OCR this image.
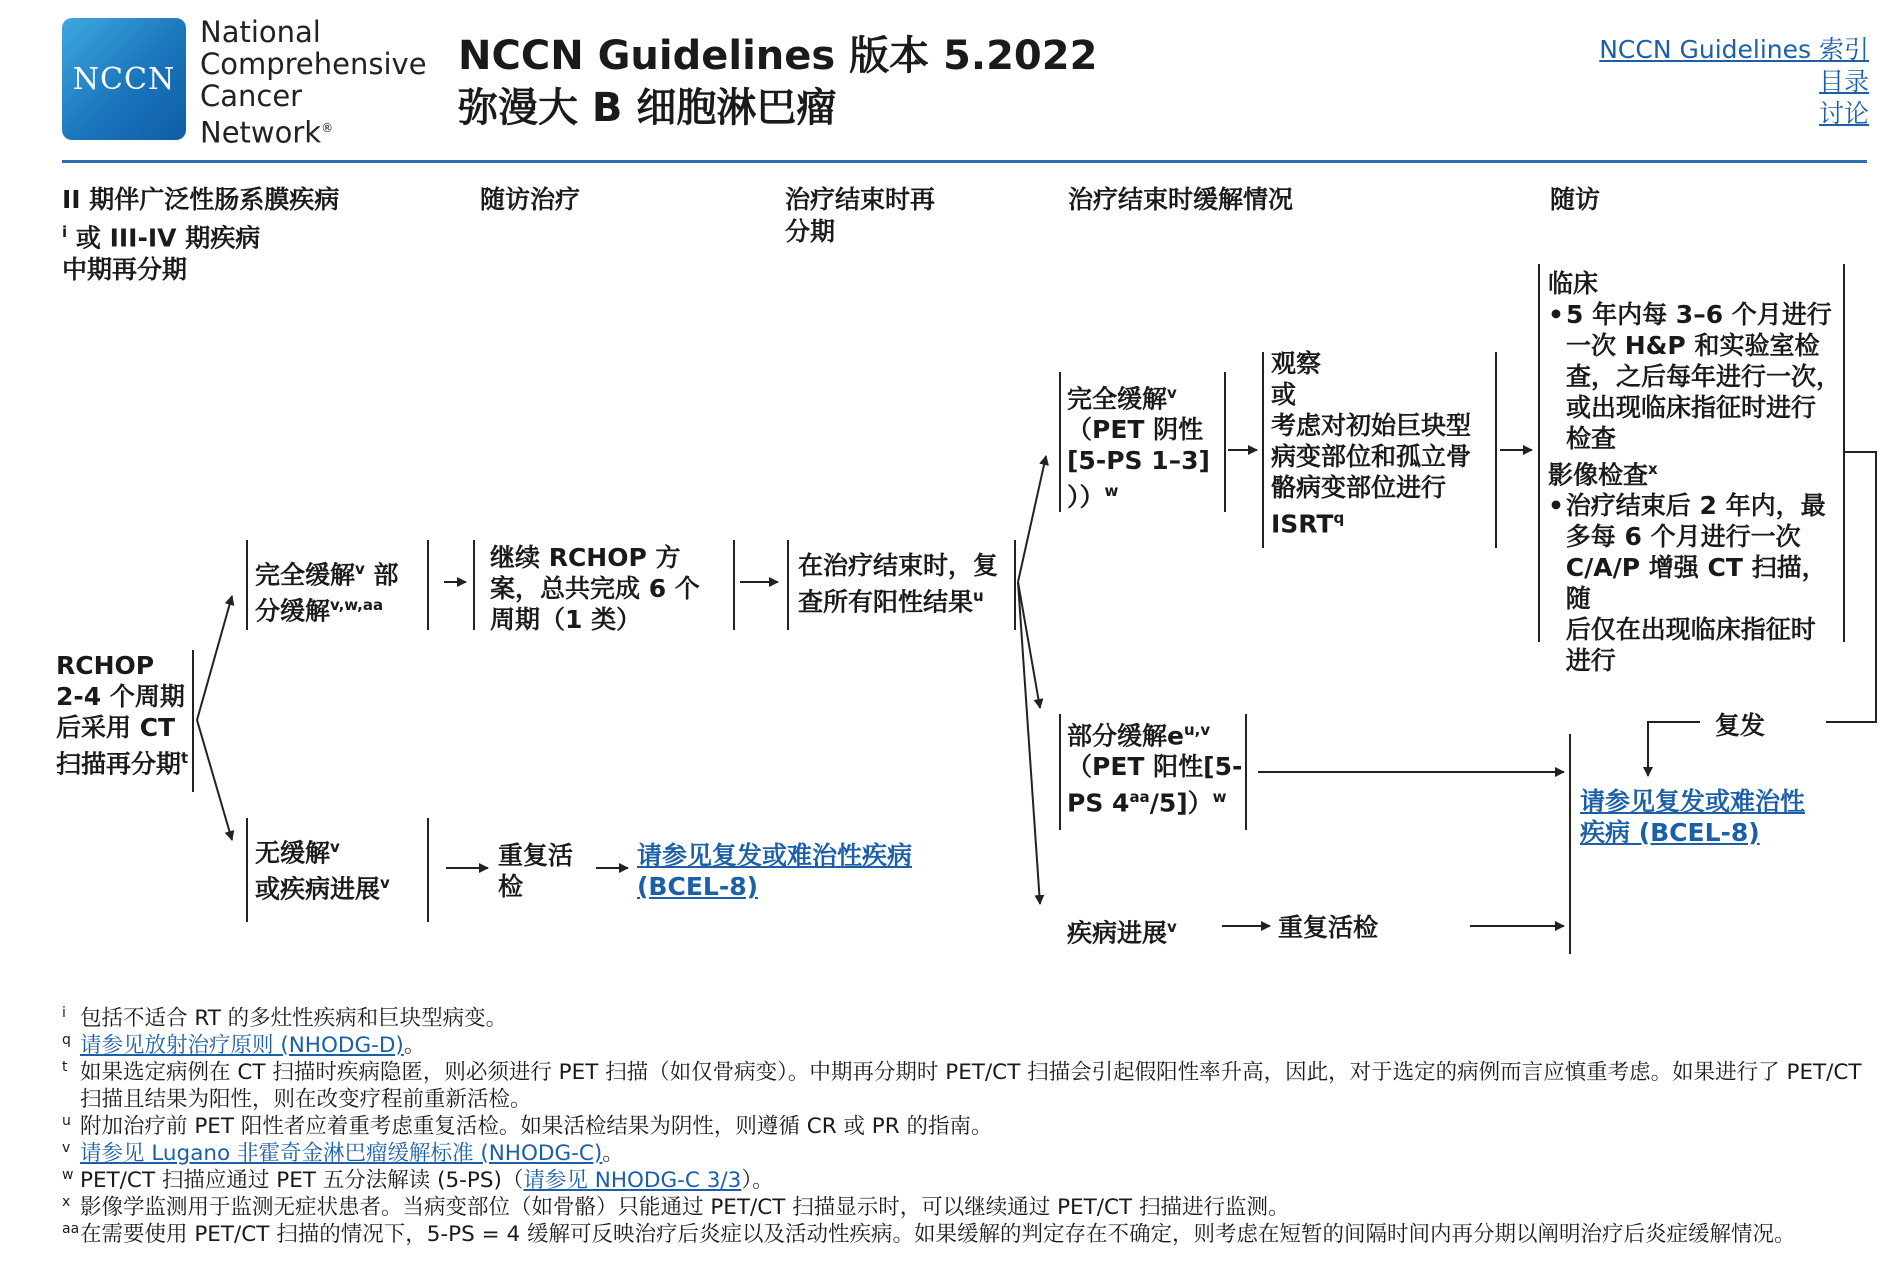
NCCN
National
Comprehensive
Cancer
Network®
NCCN Guidelines 版本 5.2022
弥漫大 B 细胞淋巴瘤
NCCN Guidelines 索引
目录
讨论
II 期伴广泛性肠系膜疾病
$^i$ 或 III-IV 期疾病
中期再分期
随访治疗	治疗结束时再
分期
治疗结束时缓解情况	随访
RCHOP
2-4 个周期
后采用 CT
扫描再分期$^t$
完全缓解$^v$ 部
分缓解$^{v,w,aa}$
继续 RCHOP 方
案，总共完成 6 个
周期（1 类）
在治疗结束时，复
查所有阳性结果$^u$
无缓解$^v$
或疾病进展$^v$
重复活
检
请参见复发或难治性疾病
(BCEL-8)
完全缓解$^v$
（PET 阴性
[5-PS 1–3]
））$^w$
观察
或
考虑对初始巨块型
病变部位和孤立骨
骼病变部位进行
ISRT$^q$
部分缓解$e^{u,v}$
（PET 阳性[5-
PS $4^{aa}/5])^w$
疾病进展$^v$	重复活检
临床
• 5 年内每 3–6 个月进行
一次 H&P 和实验室检
查，之后每年进行一次，
或出现临床指征时进行
检查
影像检查$^x$
• 治疗结束后 2 年内，最
多每 6 个月进行一次
C/A/P 增强 CT 扫描，随
后仅在出现临床指征时
进行
复发
请参见复发或难治性
疾病 (BCEL-8)
i 包括不适合 RT 的多灶性疾病和巨块型病变。
q 请参见放射治疗原则 (NHODG-D)。
t 如果选定病例在 CT 扫描时疾病隐匿，则必须进行 PET 扫描（如仅骨病变）。中期再分期时 PET/CT 扫描会引起假阳性率升高，因此，对于选定的病例而言应慎重考虑。如果进行了 PET/CT 扫描且结果为阳性，则在改变疗程前重新活检。
u 附加治疗前 PET 阳性者应着重考虑重复活检。如果活检结果为阴性，则遵循 CR 或 PR 的指南。
v 请参见 Lugano 非霍奇金淋巴瘤缓解标准 (NHODG-C)。
w PET/CT 扫描应通过 PET 五分法解读 (5-PS)（请参见 NHODG-C 3/3）。
x 影像学监测用于监测无症状患者。当病变部位（如骨骼）只能通过 PET/CT 扫描显示时，可以继续通过 PET/CT 扫描进行监测。
aa 在需要使用 PET/CT 扫描的情况下，5-PS = 4 缓解可反映治疗后炎症以及活动性疾病。如果缓解的判定存在不确定，则考虑在短暂的间隔时间内再分期以阐明治疗后炎症缓解情况。
